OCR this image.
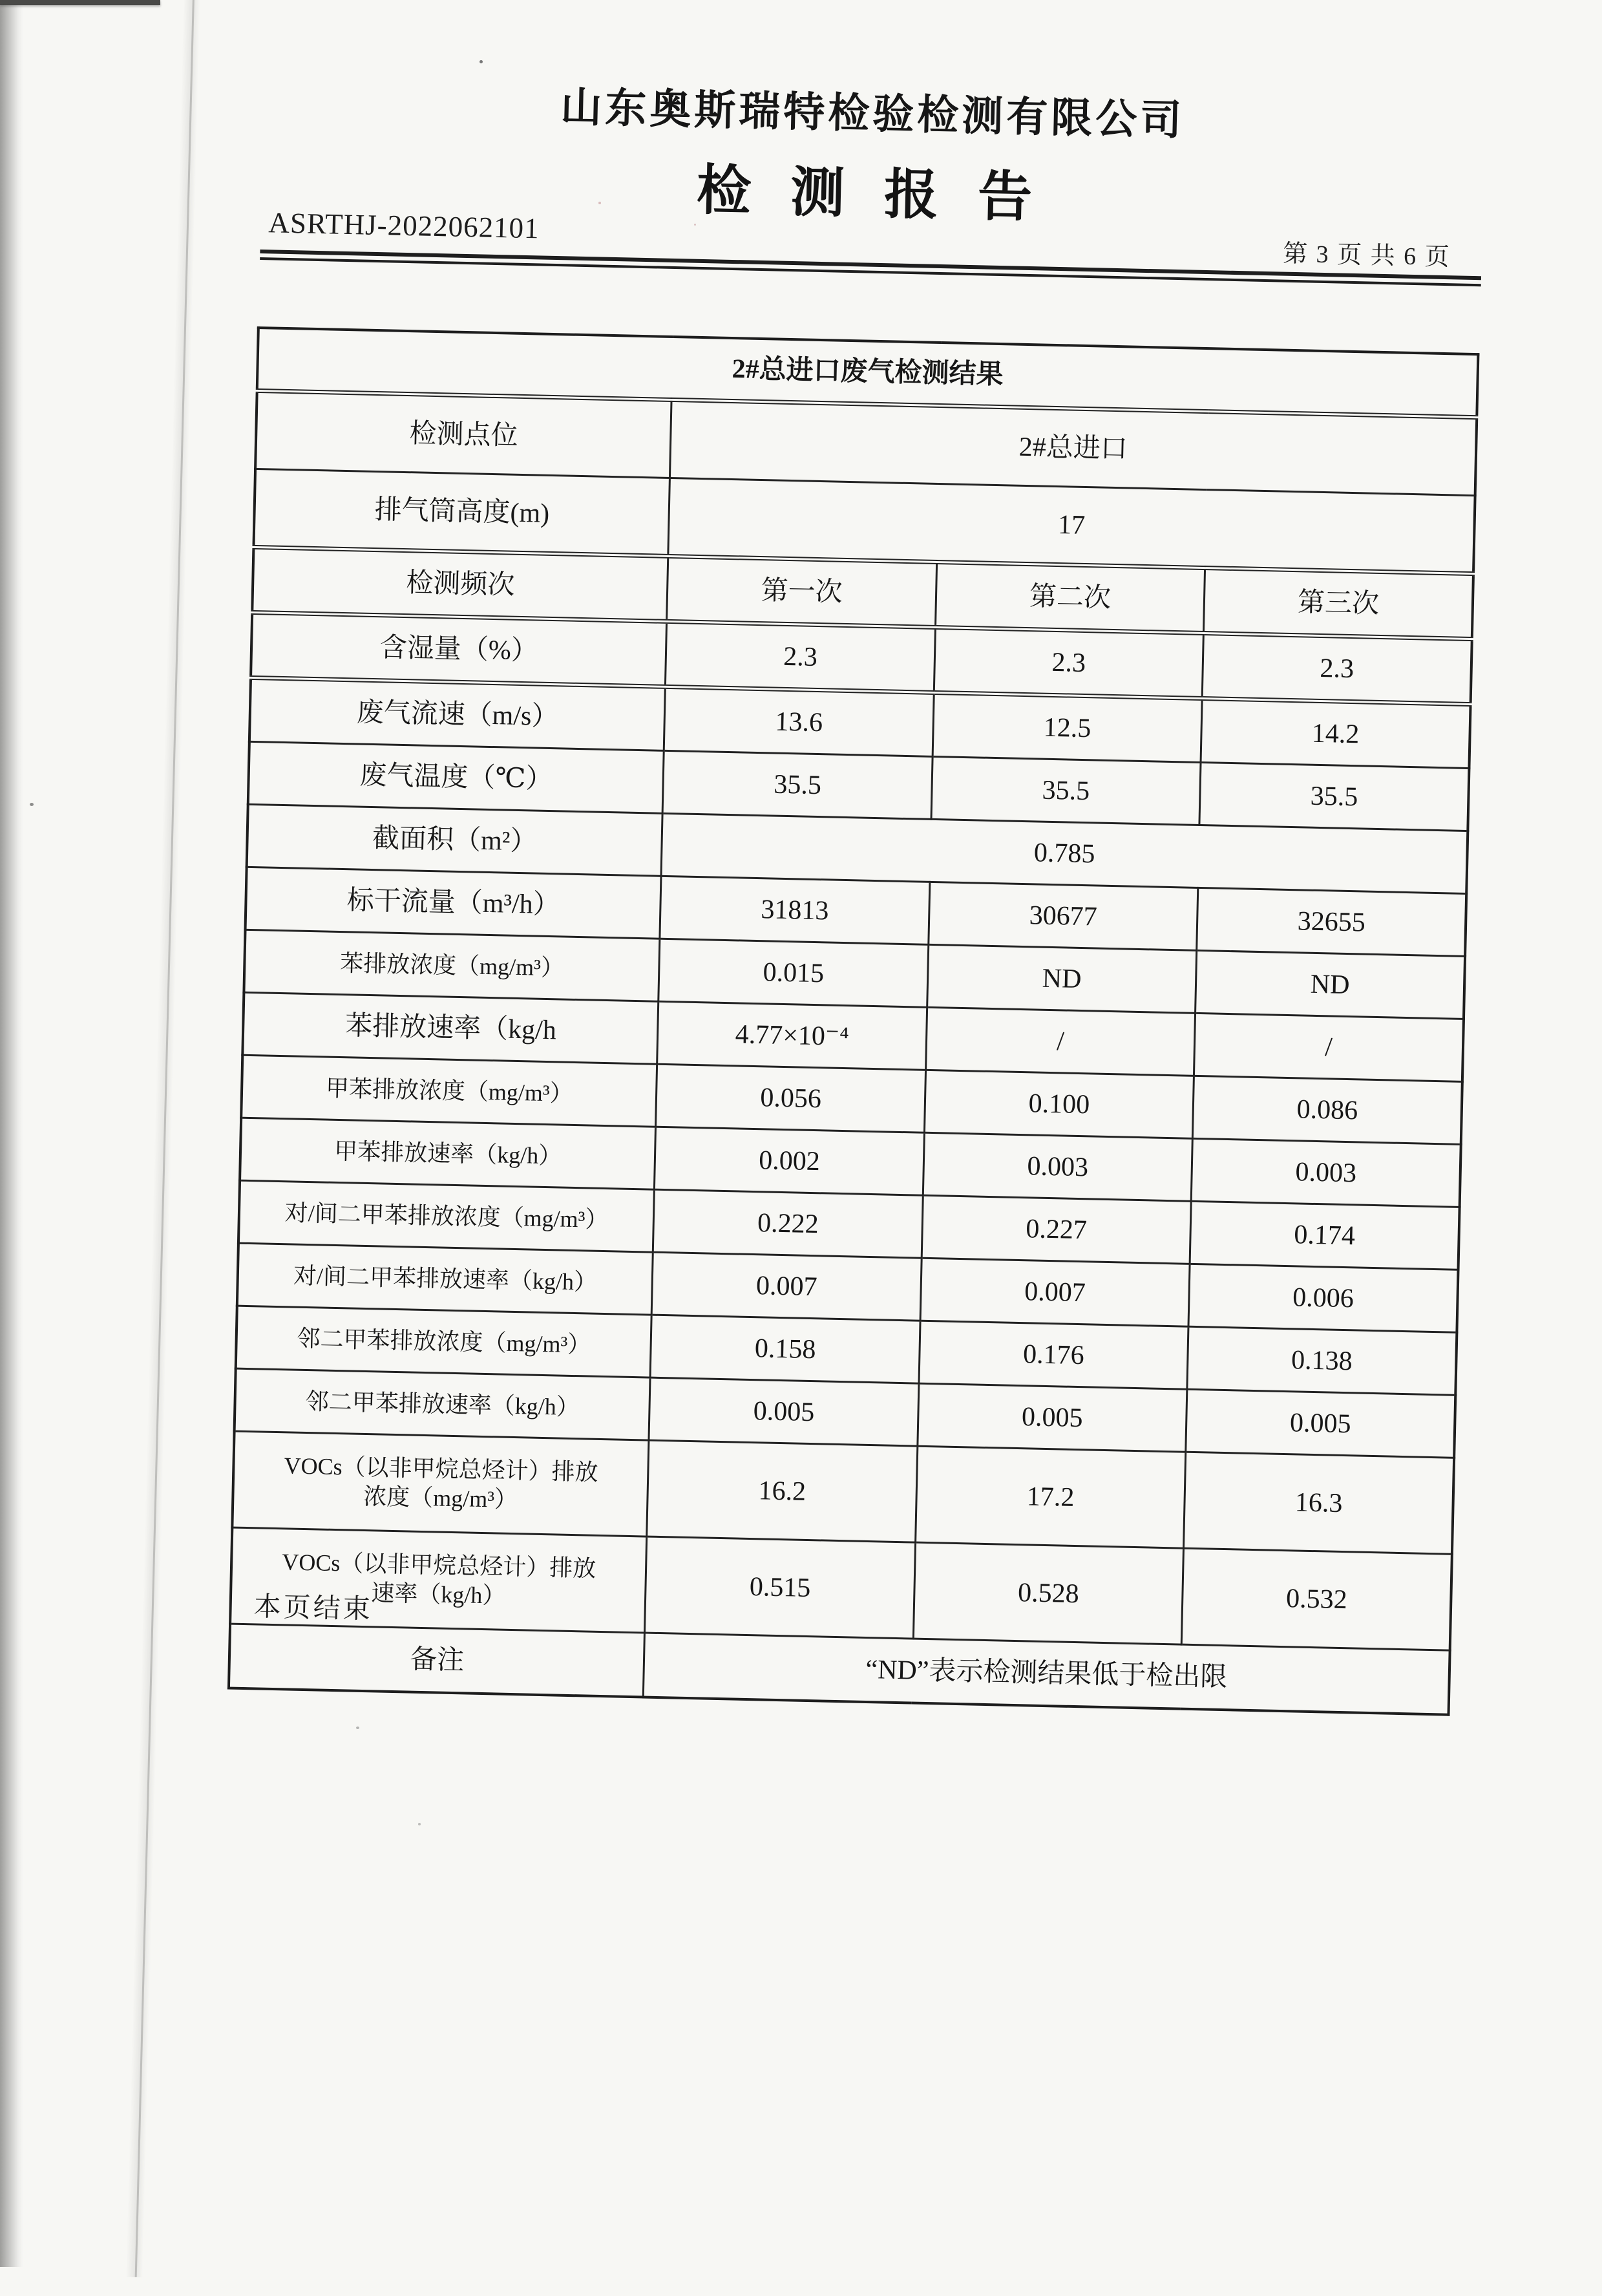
山东奥斯瑞特检验检测有限公司
检 测 报 告
ASRTHJ-2022062101
第 3 页 共 6 页
2#总进口废气检测结果			
检测点位	2#总进口		
排气筒高度(m)	17		
检测频次	第一次	第二次	第三次
含湿量（%）	2.3	2.3	2.3
废气流速（m/s）	13.6	12.5	14.2
废气温度（℃）	35.5	35.5	35.5
截面积（m²）	0.785		
标干流量（m³/h）	31813	30677	32655
苯排放浓度（mg/m³）	0.015	ND	ND
苯排放速率（kg/h	4.77×10⁻⁴	/	/
甲苯排放浓度（mg/m³）	0.056	0.100	0.086
甲苯排放速率（kg/h）	0.002	0.003	0.003
对/间二甲苯排放浓度（mg/m³）	0.222	0.227	0.174
对/间二甲苯排放速率（kg/h）	0.007	0.007	0.006
邻二甲苯排放浓度（mg/m³）	0.158	0.176	0.138
邻二甲苯排放速率（kg/h）	0.005	0.005	0.005
VOCs（以非甲烷总烃计）排放
浓度（mg/m³）	16.2	17.2	16.3
VOCs（以非甲烷总烃计）排放
速率（kg/h）	0.515	0.528	0.532
备注	“ND”表示检测结果低于检出限		
本页结束
